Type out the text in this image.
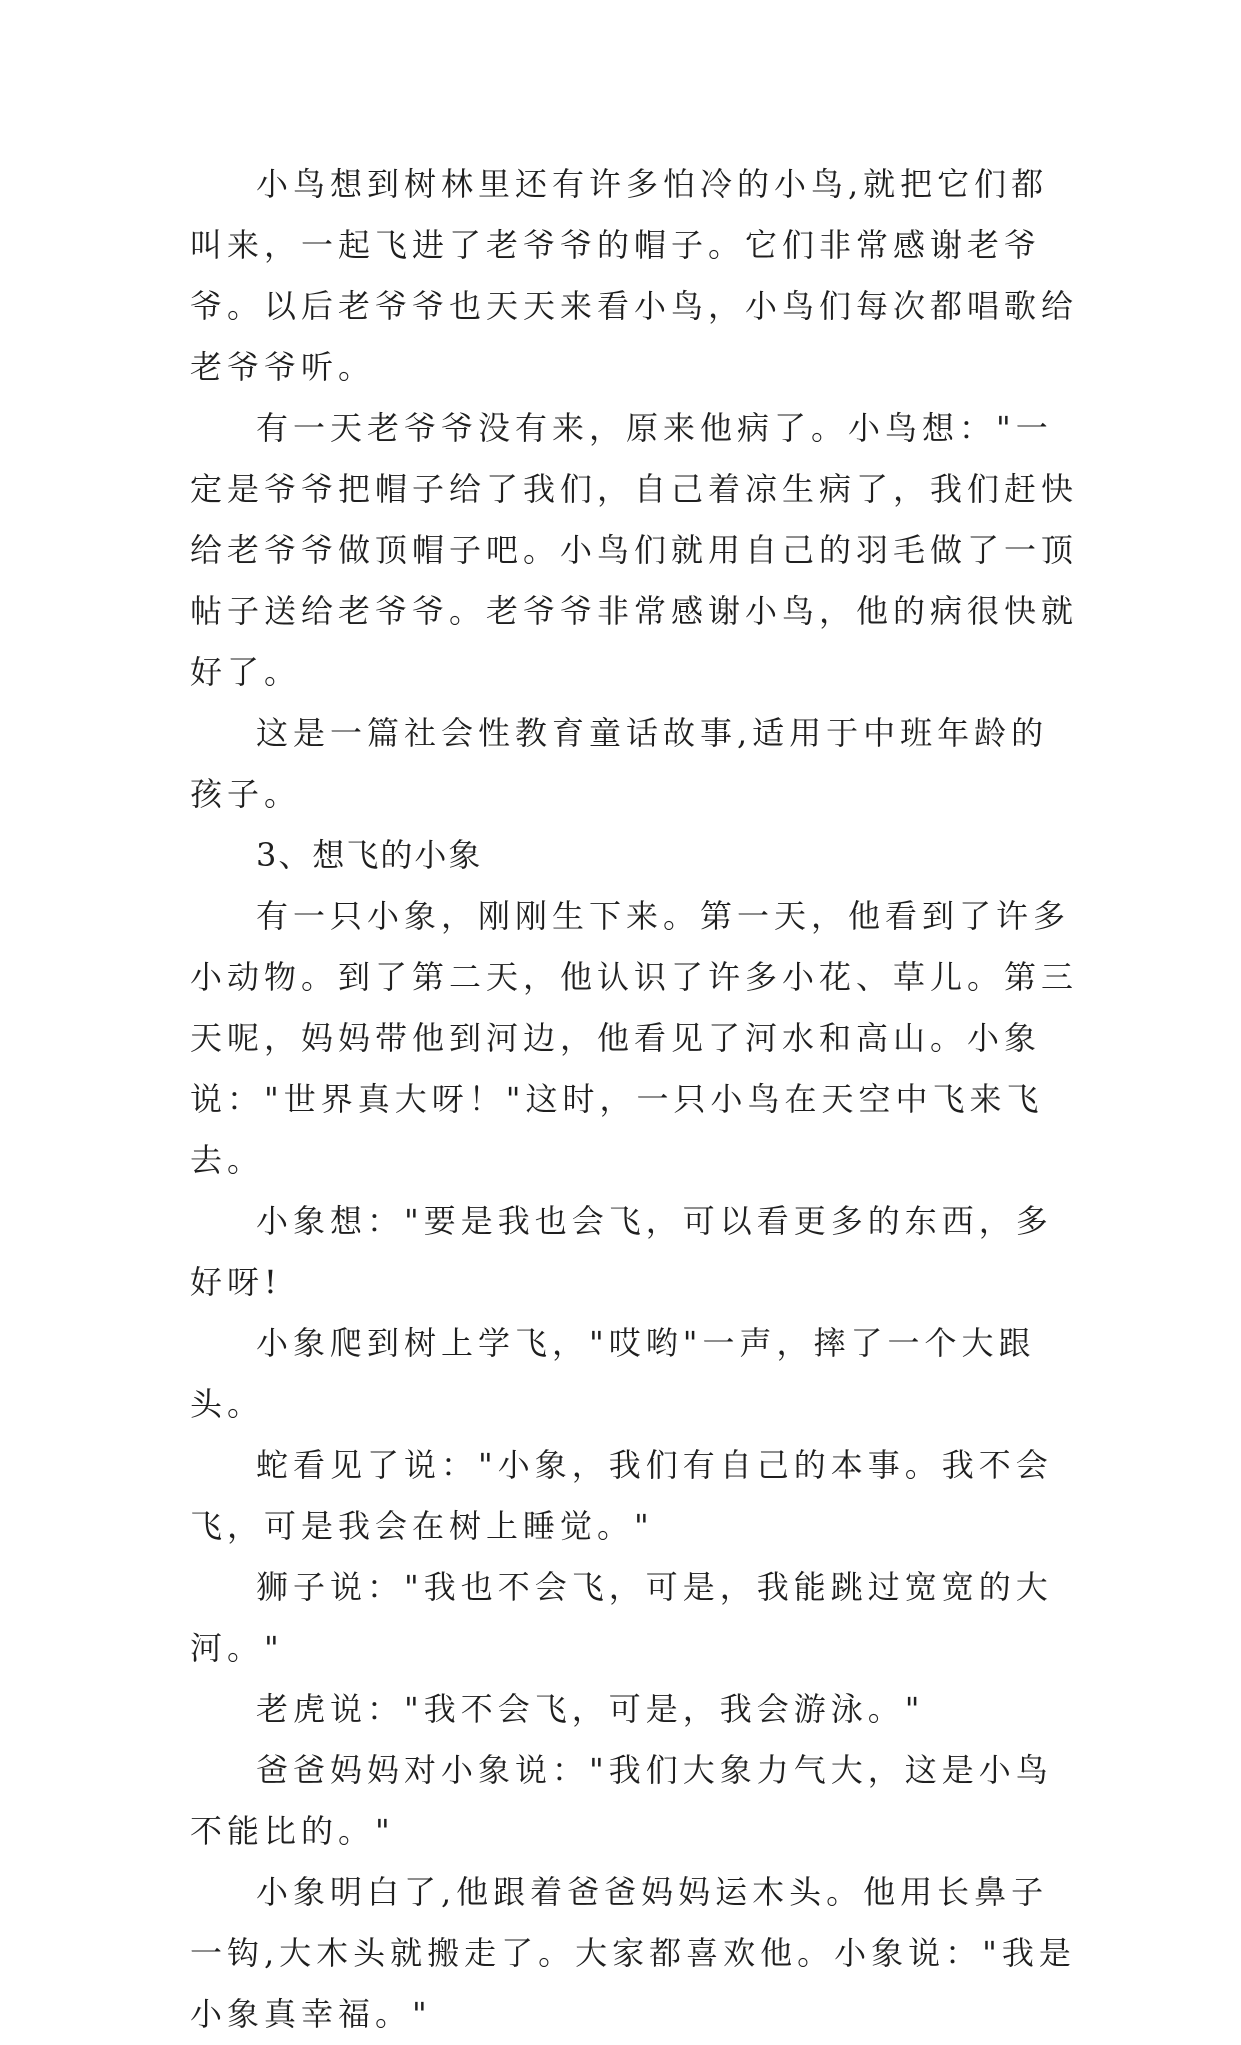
小鸟想到树林里还有许多怕冷的小鸟,就把它们都叫来，一起飞进了老爷爷的帽子。它们非常感谢老爷爷。以后老爷爷也天天来看小鸟，小鸟们每次都唱歌给老爷爷听。

有一天老爷爷没有来，原来他病了。小鸟想："一定是爷爷把帽子给了我们，自己着凉生病了，我们赶快给老爷爷做顶帽子吧。小鸟们就用自己的羽毛做了一顶帖子送给老爷爷。老爷爷非常感谢小鸟，他的病很快就好了。

这是一篇社会性教育童话故事,适用于中班年龄的孩子。

3、想飞的小象

有一只小象，刚刚生下来。第一天，他看到了许多小动物。到了第二天，他认识了许多小花、草儿。第三天呢，妈妈带他到河边，他看见了河水和高山。小象说："世界真大呀！"这时，一只小鸟在天空中飞来飞去。

小象想："要是我也会飞，可以看更多的东西，多好呀!

小象爬到树上学飞，"哎哟"一声，摔了一个大跟头。

蛇看见了说："小象，我们有自己的本事。我不会飞，可是我会在树上睡觉。"

狮子说："我也不会飞，可是，我能跳过宽宽的大河。"

老虎说："我不会飞，可是，我会游泳。"

爸爸妈妈对小象说："我们大象力气大，这是小鸟不能比的。"

小象明白了,他跟着爸爸妈妈运木头。他用长鼻子一钩,大木头就搬走了。大家都喜欢他。小象说："我是小象真幸福。"
